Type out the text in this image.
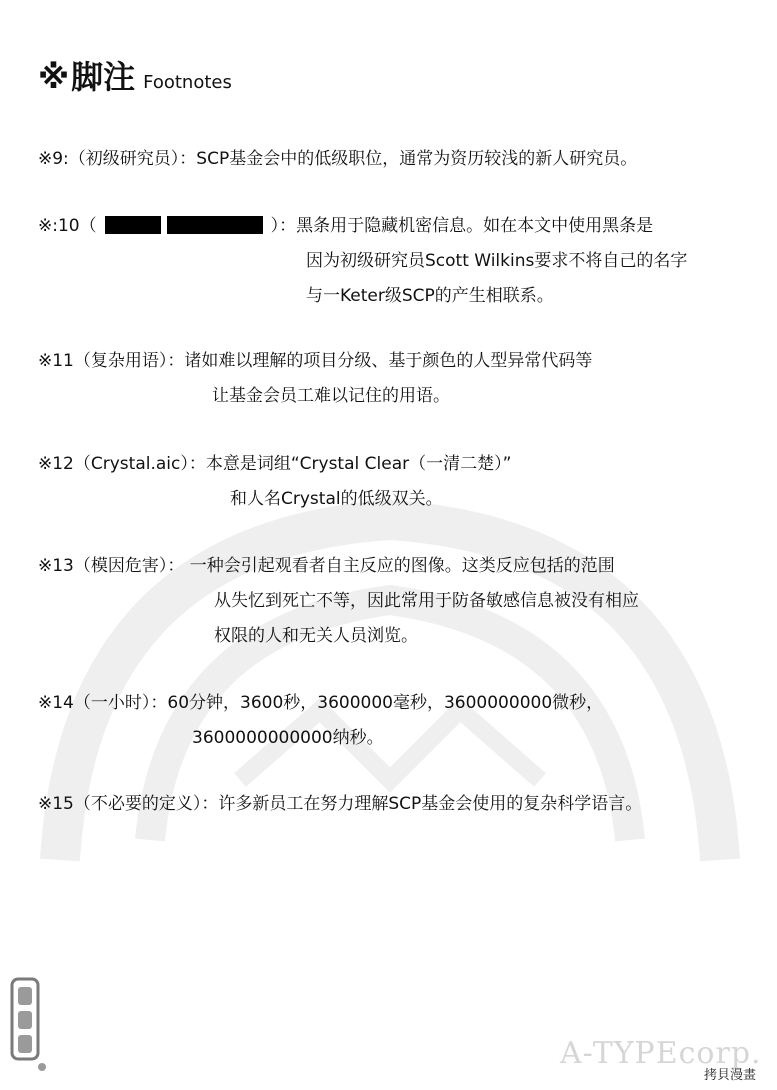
※脚注 Footnotes
※9:（初级研究员）：SCP基金会中的低级职位，通常为资历较浅的新人研究员。
※:10（	）：黑条用于隐藏机密信息。如在本文中使用黑条是
因为初级研究员Scott Wilkins要求不将自己的名字
与一Keter级SCP的产生相联系。
※11（复杂用语）：诸如难以理解的项目分级、基于颜色的人型异常代码等
让基金会员工难以记住的用语。
※12（Crystal.aic）：本意是词组“Crystal Clear（一清二楚）”
和人名Crystal的低级双关。
※13（模因危害）： 一种会引起观看者自主反应的图像。这类反应包括的范围
从失忆到死亡不等，因此常用于防备敏感信息被没有相应
权限的人和无关人员浏览。
※14（一小时）：60分钟，3600秒，3600000毫秒，3600000000微秒，
3600000000000纳秒。
※15（不必要的定义）：许多新员工在努力理解SCP基金会使用的复杂科学语言。
A-TYPEcorp.
拷貝漫畫
